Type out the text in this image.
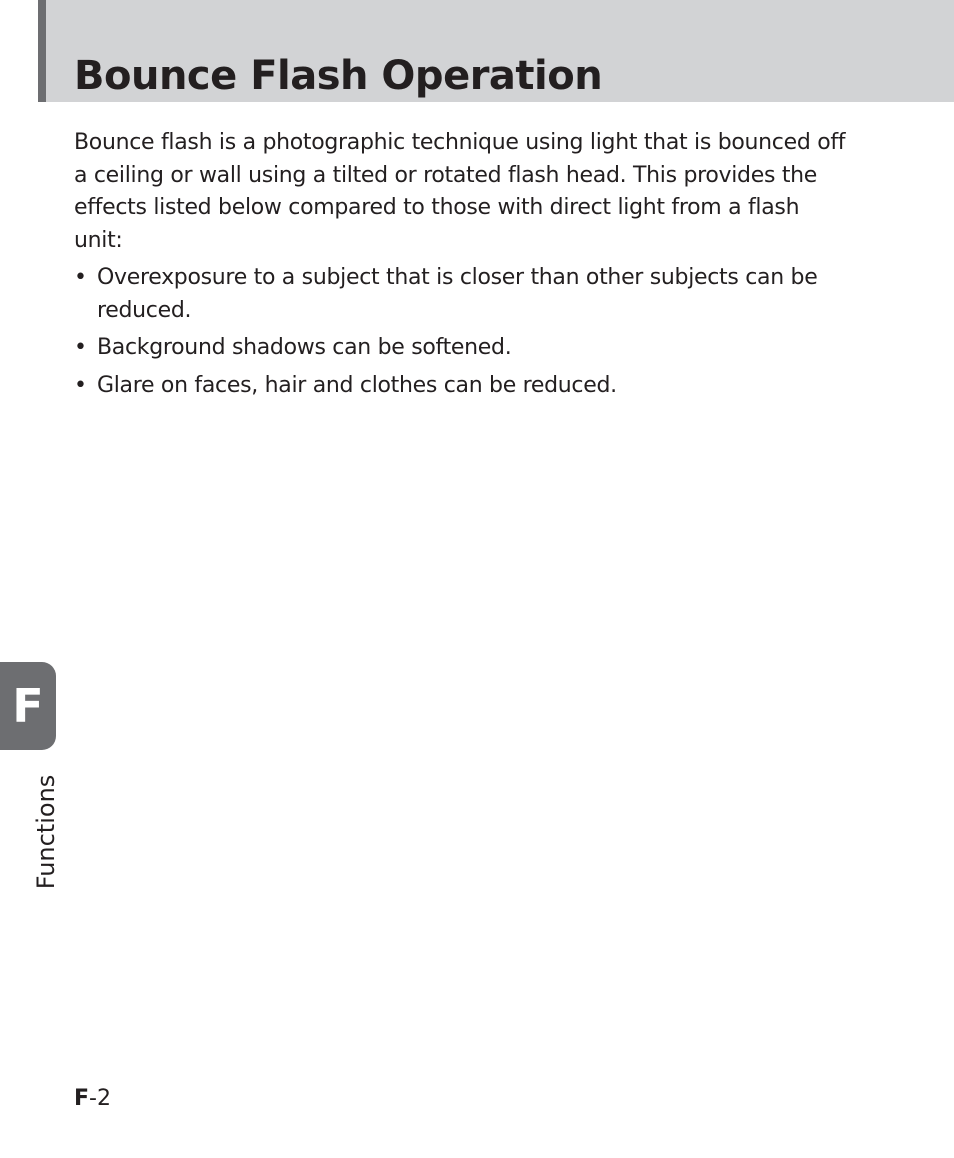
Bounce Flash Operation

Bounce flash is a photographic technique using light that is bounced off a ceiling or wall using a tilted or rotated flash head. This provides the effects listed below compared to those with direct light from a flash unit:

• Overexposure to a subject that is closer than other subjects can be reduced.
• Background shadows can be softened.
• Glare on faces, hair and clothes can be reduced.
F
Functions
F-2
